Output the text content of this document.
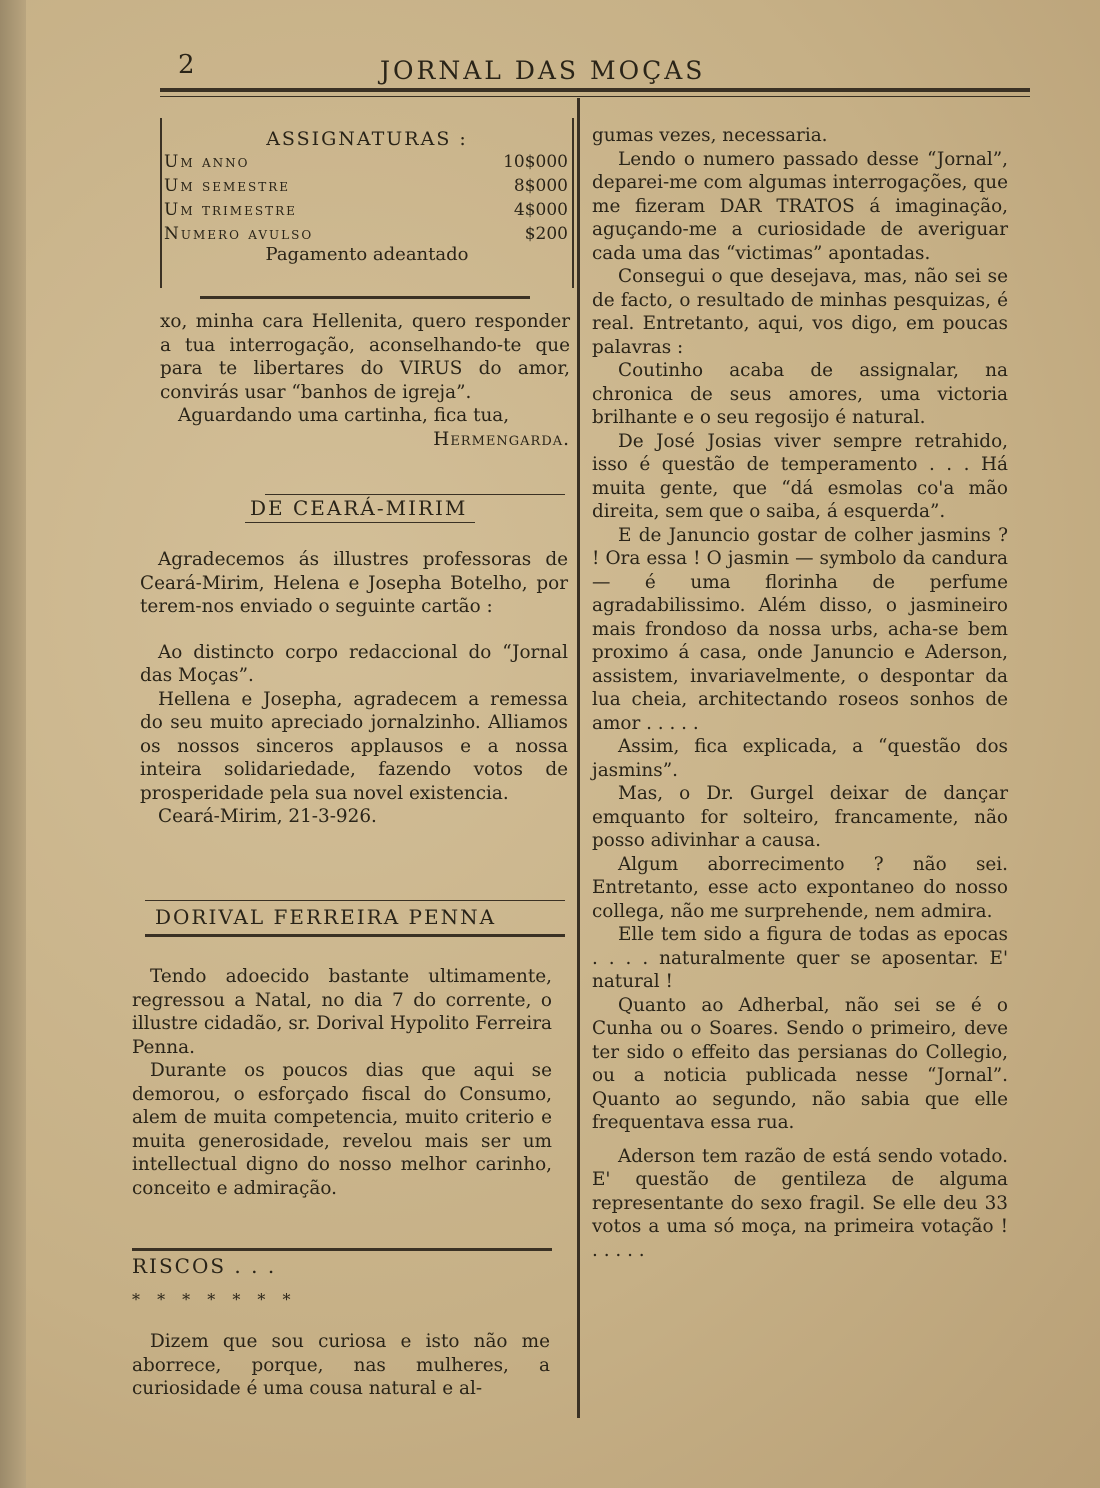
2	JORNAL DAS MOÇAS
ASSIGNATURAS :
Um anno	10$000
Um semestre	8$000
Um trimestre	4$000
Numero avulso	$200
Pagamento adeantado

xo, minha cara Hellenita, quero responder a tua interrogação, aconselhando-te que para te libertares do VIRUS do amor, convirás usar “banhos de igreja”.

Aguardando uma cartinha, fica tua,

Hermengarda.

DE CEARÁ-MIRIM

Agradecemos ás illustres professoras de Ceará-Mirim, Helena e Josepha Botelho, por terem-nos enviado o seguinte cartão :

Ao distincto corpo redaccional do “Jornal das Moças”.

Hellena e Josepha, agradecem a remessa do seu muito apreciado jornalzinho. Alliamos os nossos sinceros applausos e a nossa inteira solidariedade, fazendo votos de prosperidade pela sua novel existencia.

Ceará-Mirim, 21-3-926.

DORIVAL FERREIRA PENNA

Tendo adoecido bastante ultimamente, regressou a Natal, no dia 7 do corrente, o illustre cidadão, sr. Dorival Hypolito Ferreira Penna.

Durante os poucos dias que aqui se demorou, o esforçado fiscal do Consumo, alem de muita competencia, muito criterio e muita generosidade, revelou mais ser um intellectual digno do nosso melhor carinho, conceito e admiração.

RISCOS . . .
* * * * * * *

Dizem que sou curiosa e isto não me aborrece, porque, nas mulheres, a curiosidade é uma cousa natural e al-

gumas vezes, necessaria.

Lendo o numero passado desse “Jornal”, deparei-me com algumas interrogações, que me fizeram DAR TRATOS á imaginação, aguçando-me a curiosidade de averiguar cada uma das “victimas” apontadas.

Consegui o que desejava, mas, não sei se de facto, o resultado de minhas pesquizas, é real. Entretanto, aqui, vos digo, em poucas palavras :

Coutinho acaba de assignalar, na chronica de seus amores, uma victoria brilhante e o seu regosijo é natural.

De José Josias viver sempre retrahido, isso é questão de temperamento . . . Há muita gente, que “dá esmolas co'a mão direita, sem que o saiba, á esquerda”.

E de Januncio gostar de colher jasmins ? ! Ora essa ! O jasmin — symbolo da candura — é uma florinha de perfume agradabilissimo. Além disso, o jasmineiro mais frondoso da nossa urbs, acha-se bem proximo á casa, onde Januncio e Aderson, assistem, invariavelmente, o despontar da lua cheia, architectando roseos sonhos de amor . . . . .

Assim, fica explicada, a “questão dos jasmins”.

Mas, o Dr. Gurgel deixar de dançar emquanto for solteiro, francamente, não posso adivinhar a causa.

Algum aborrecimento ? não sei. Entretanto, esse acto expontaneo do nosso collega, não me surprehende, nem admira.

Elle tem sido a figura de todas as epocas . . . . naturalmente quer se aposentar. E' natural !

Quanto ao Adherbal, não sei se é o Cunha ou o Soares. Sendo o primeiro, deve ter sido o effeito das persianas do Collegio, ou a noticia publicada nesse “Jornal”. Quanto ao segundo, não sabia que elle frequentava essa rua.

Aderson tem razão de está sendo votado. E' questão de gentileza de alguma representante do sexo fragil. Se elle deu 33 votos a uma só moça, na primeira votação ! . . . . .
